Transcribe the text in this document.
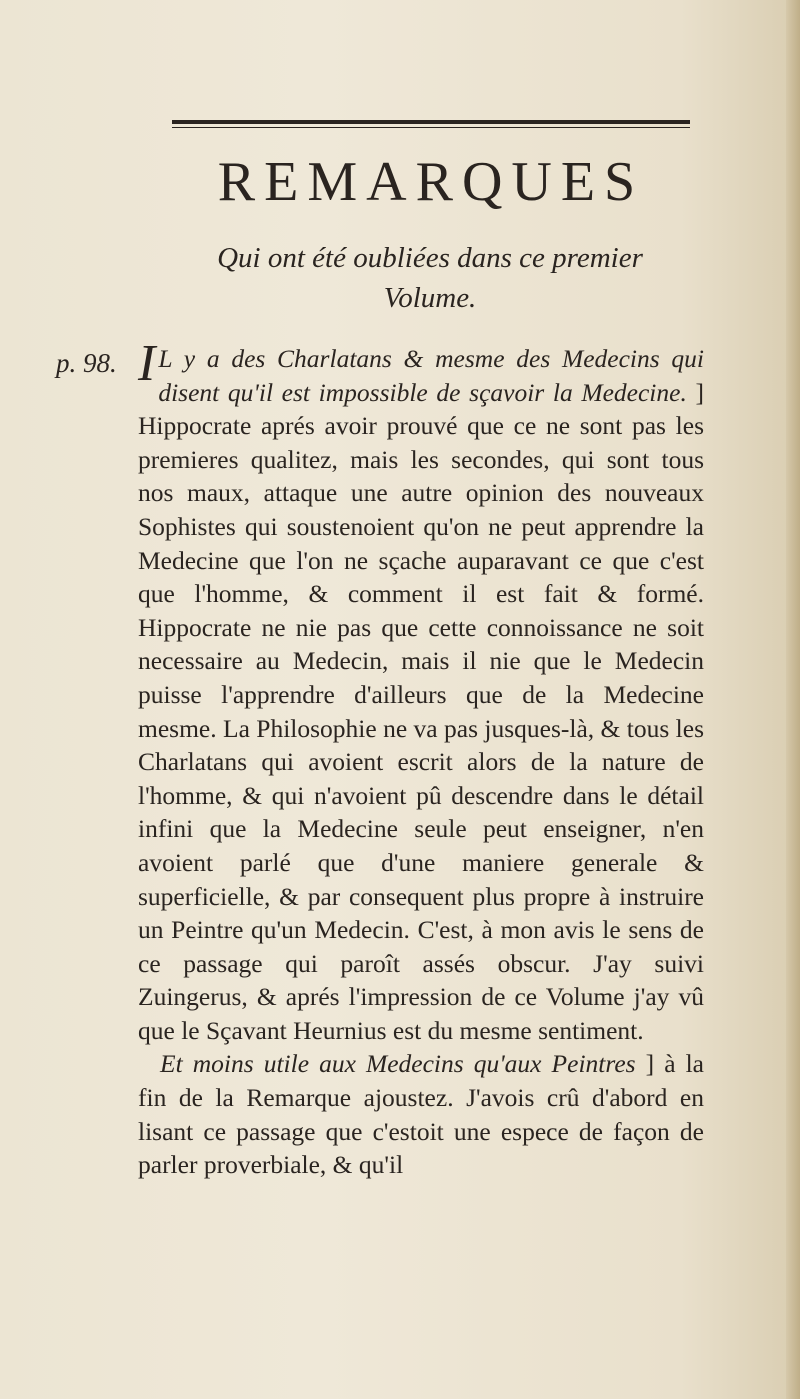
REMARQUES
Qui ont été oubliées dans ce premier
Volume.
p. 98. I L y a des Charlatans & mesme des Medecins qui disent qu'il est impossible de sçavoir la Medecine. ] Hippocrate aprés avoir prouvé que ce ne sont pas les premieres qualitez, mais les secondes, qui sont tous nos maux, attaque une autre opinion des nouveaux Sophistes qui soustenoient qu'on ne peut apprendre la Medecine que l'on ne sçache auparavant ce que c'est que l'homme, & comment il est fait & formé. Hippocrate ne nie pas que cette connoissance ne soit necessaire au Medecin, mais il nie que le Medecin puisse l'apprendre d'ailleurs que de la Medecine mesme. La Philosophie ne va pas jusques-là, & tous les Charlatans qui avoient escrit alors de la nature de l'homme, & qui n'avoient pû descendre dans le détail infini que la Medecine seule peut enseigner, n'en avoient parlé que d'une maniere generale & superficielle, & par consequent plus propre à instruire un Peintre qu'un Medecin. C'est, à mon avis le sens de ce passage qui paroît assés obscur. J'ay suivi Zuingerus, & aprés l'impression de ce Volume j'ay vû que le Sçavant Heurnius est du mesme sentiment.

Et moins utile aux Medecins qu'aux Peintres ] à la fin de la Remarque ajoustez. J'avois crû d'abord en lisant ce passage que c'estoit une espece de façon de parler proverbiale, & qu'il
